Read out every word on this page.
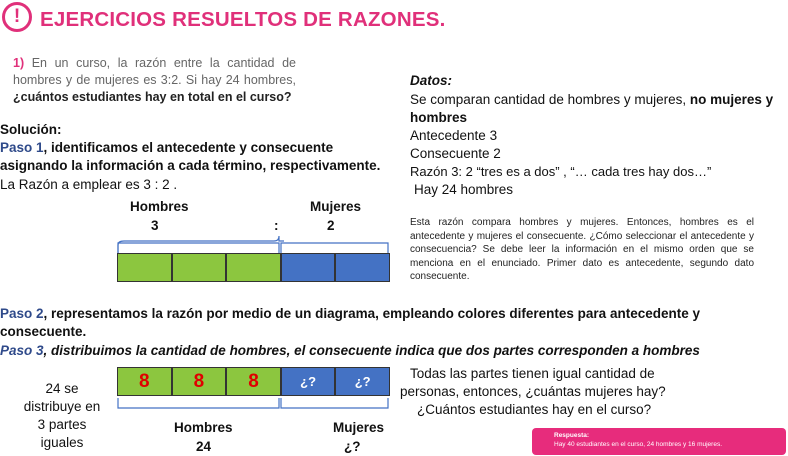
! EJERCICIOS RESUELTOS DE RAZONES.
1) En un curso, la razón entre la cantidad de hombres y de mujeres es 3:2. Si hay 24 hombres, ¿cuántos estudiantes hay en total en el curso?
Datos:
Se comparan cantidad de hombres y mujeres, no mujeres y hombres
Antecedente 3
Consecuente 2
Razón 3: 2 “tres es a dos” , “… cada tres hay dos…”
Hay 24 hombres
Solución:
Paso 1, identificamos el antecedente y consecuente asignando la información a cada término, respectivamente.
La Razón a emplear es 3 : 2 .
Hombres	Mujeres
3	:	2	Esta razón compara hombres y mujeres. Entonces, hombres es el antecedente y mujeres el consecuente. ¿Cómo seleccionar el antecedente y consecuencia? Se debe leer la información en el mismo orden que se menciona en el enunciado. Primer dato es antecedente, segundo dato consecuente.
Paso 2, representamos la razón por medio de un diagrama, empleando colores diferentes para antecedente y consecuente.
Paso 3, distribuimos la cantidad de hombres, el consecuente indica que dos partes corresponden a hombres
24 se
distribuye en
3 partes
iguales
8 8 8	¿?	¿?
Hombres
24
Mujeres
¿?
Todas las partes tienen igual cantidad de
personas, entonces, ¿cuántas mujeres hay?
¿Cuántos estudiantes hay en el curso?
Respuesta:
Hay 40 estudiantes en el curso, 24 hombres y 16 mujeres.
